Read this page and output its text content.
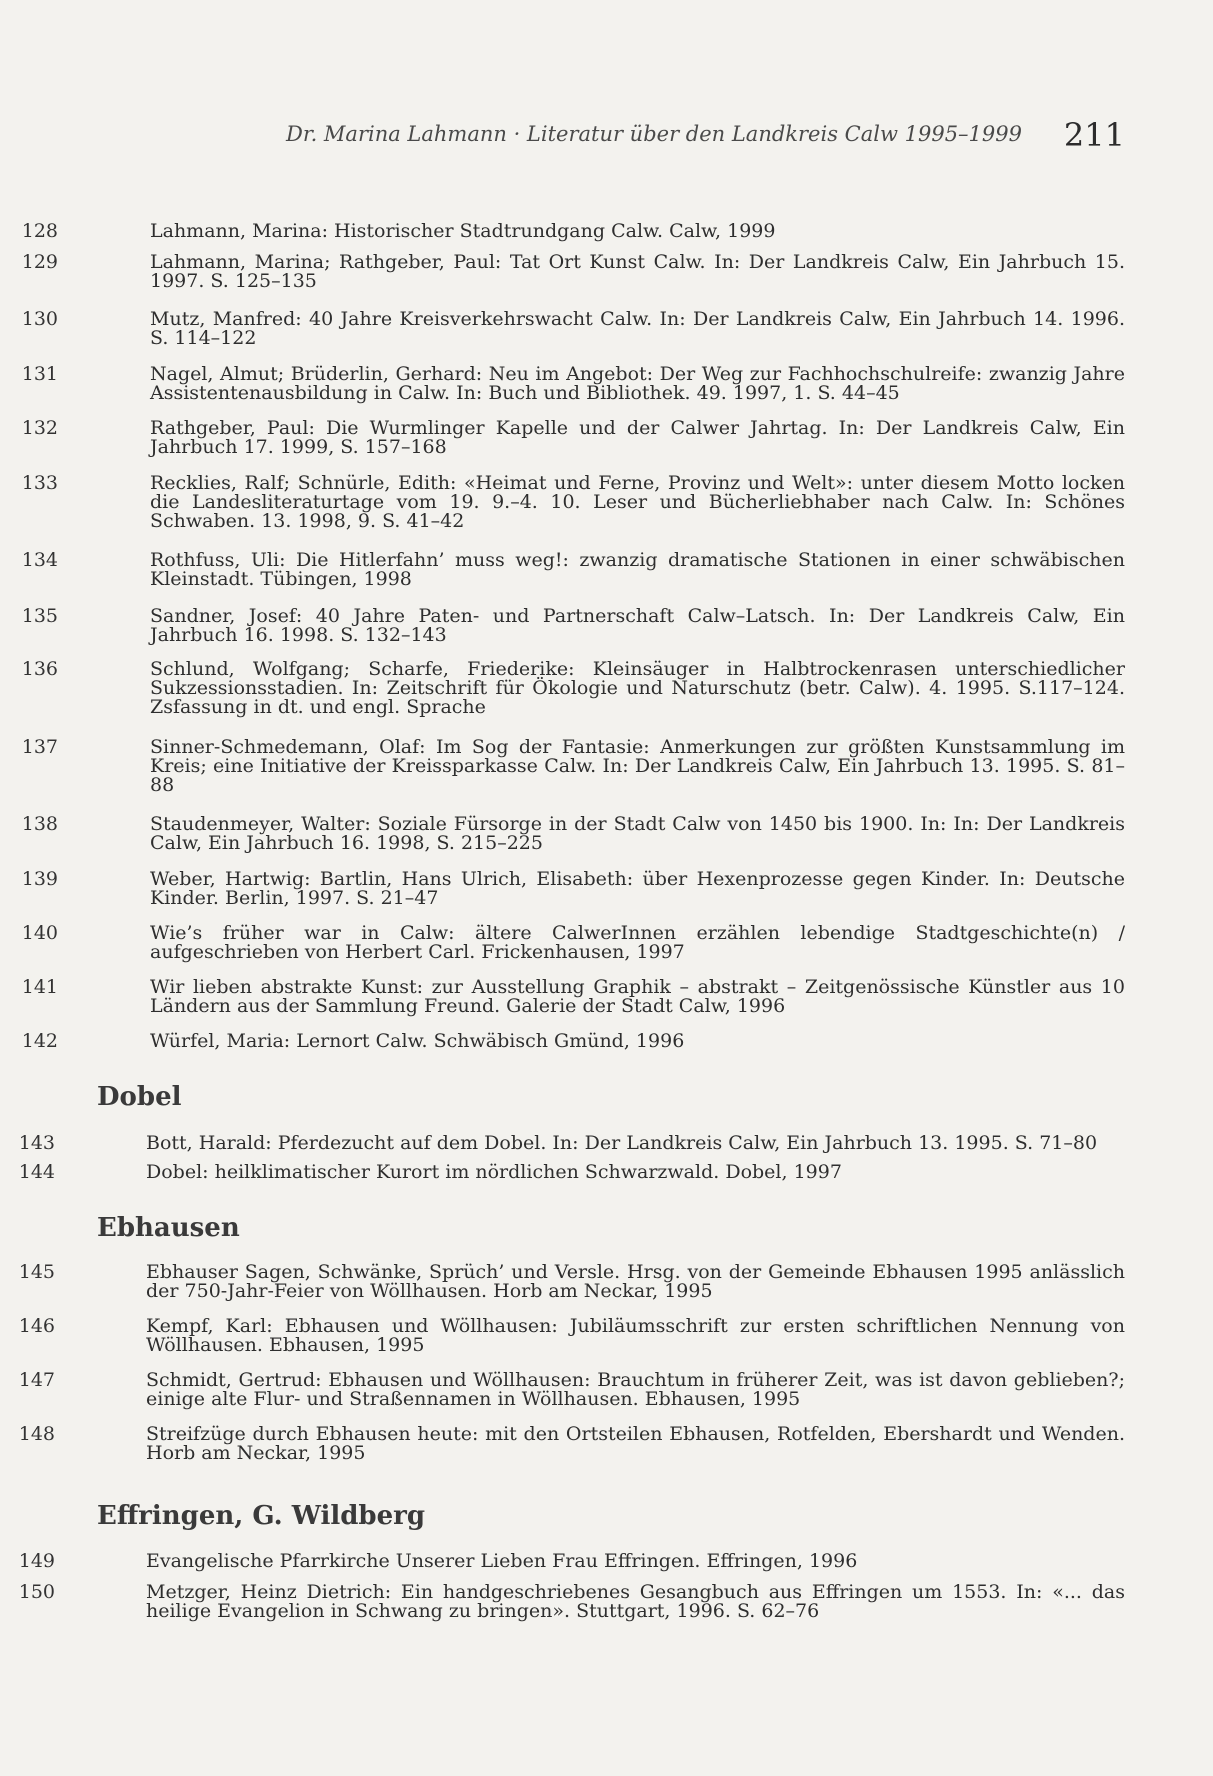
Dr. Marina Lahmann · Literatur über den Landkreis Calw 1995–1999 211
128	Lahmann, Marina: Historischer Stadtrundgang Calw. Calw, 1999
129	Lahmann, Marina; Rathgeber, Paul: Tat Ort Kunst Calw. In: Der Landkreis Calw, Ein Jahrbuch 15. 1997. S. 125–135
130	Mutz, Manfred: 40 Jahre Kreisverkehrswacht Calw. In: Der Landkreis Calw, Ein Jahrbuch 14. 1996. S. 114–122
131	Nagel, Almut; Brüderlin, Gerhard: Neu im Angebot: Der Weg zur Fachhochschulreife: zwanzig Jahre Assistentenausbildung in Calw. In: Buch und Bibliothek. 49. 1997, 1. S. 44–45
132	Rathgeber, Paul: Die Wurmlinger Kapelle und der Calwer Jahrtag. In: Der Landkreis Calw, Ein Jahrbuch 17. 1999, S. 157–168
133	Recklies, Ralf; Schnürle, Edith: «Heimat und Ferne, Provinz und Welt»: unter diesem Motto locken die Landesliteraturtage vom 19. 9.–4. 10. Leser und Bücherliebhaber nach Calw. In: Schönes Schwaben. 13. 1998, 9. S. 41–42
134	Rothfuss, Uli: Die Hitlerfahn’ muss weg!: zwanzig dramatische Stationen in einer schwäbischen Kleinstadt. Tübingen, 1998
135	Sandner, Josef: 40 Jahre Paten- und Partnerschaft Calw–Latsch. In: Der Landkreis Calw, Ein Jahrbuch 16. 1998. S. 132–143
136	Schlund, Wolfgang; Scharfe, Friederike: Kleinsäuger in Halbtrockenrasen unterschiedlicher Sukzessionsstadien. In: Zeitschrift für Ökologie und Naturschutz (betr. Calw). 4. 1995. S.117–124. Zsfassung in dt. und engl. Sprache
137	Sinner-Schmedemann, Olaf: Im Sog der Fantasie: Anmerkungen zur größten Kunstsammlung im Kreis; eine Initiative der Kreissparkasse Calw. In: Der Landkreis Calw, Ein Jahrbuch 13. 1995. S. 81–88
138	Staudenmeyer, Walter: Soziale Fürsorge in der Stadt Calw von 1450 bis 1900. In: In: Der Landkreis Calw, Ein Jahrbuch 16. 1998, S. 215–225
139	Weber, Hartwig: Bartlin, Hans Ulrich, Elisabeth: über Hexenprozesse gegen Kinder. In: Deutsche Kinder. Berlin, 1997. S. 21–47
140	Wie’s früher war in Calw: ältere CalwerInnen erzählen lebendige Stadtgeschichte(n) / aufgeschrieben von Herbert Carl. Frickenhausen, 1997
141	Wir lieben abstrakte Kunst: zur Ausstellung Graphik – abstrakt – Zeitgenössische Künstler aus 10 Ländern aus der Sammlung Freund. Galerie der Stadt Calw, 1996
142	Würfel, Maria: Lernort Calw. Schwäbisch Gmünd, 1996
Dobel
143	Bott, Harald: Pferdezucht auf dem Dobel. In: Der Landkreis Calw, Ein Jahrbuch 13. 1995. S. 71–80
144	Dobel: heilklimatischer Kurort im nördlichen Schwarzwald. Dobel, 1997
Ebhausen
145	Ebhauser Sagen, Schwänke, Sprüch’ und Versle. Hrsg. von der Gemeinde Ebhausen 1995 anlässlich der 750-Jahr-Feier von Wöllhausen. Horb am Neckar, 1995
146	Kempf, Karl: Ebhausen und Wöllhausen: Jubiläumsschrift zur ersten schriftlichen Nennung von Wöllhausen. Ebhausen, 1995
147	Schmidt, Gertrud: Ebhausen und Wöllhausen: Brauchtum in früherer Zeit, was ist davon geblieben?; einige alte Flur- und Straßennamen in Wöllhausen. Ebhausen, 1995
148	Streifzüge durch Ebhausen heute: mit den Ortsteilen Ebhausen, Rotfelden, Ebershardt und Wenden. Horb am Neckar, 1995
Effringen, G. Wildberg
149	Evangelische Pfarrkirche Unserer Lieben Frau Effringen. Effringen, 1996
150	Metzger, Heinz Dietrich: Ein handgeschriebenes Gesangbuch aus Effringen um 1553. In: «... das heilige Evangelion in Schwang zu bringen». Stuttgart, 1996. S. 62–76
